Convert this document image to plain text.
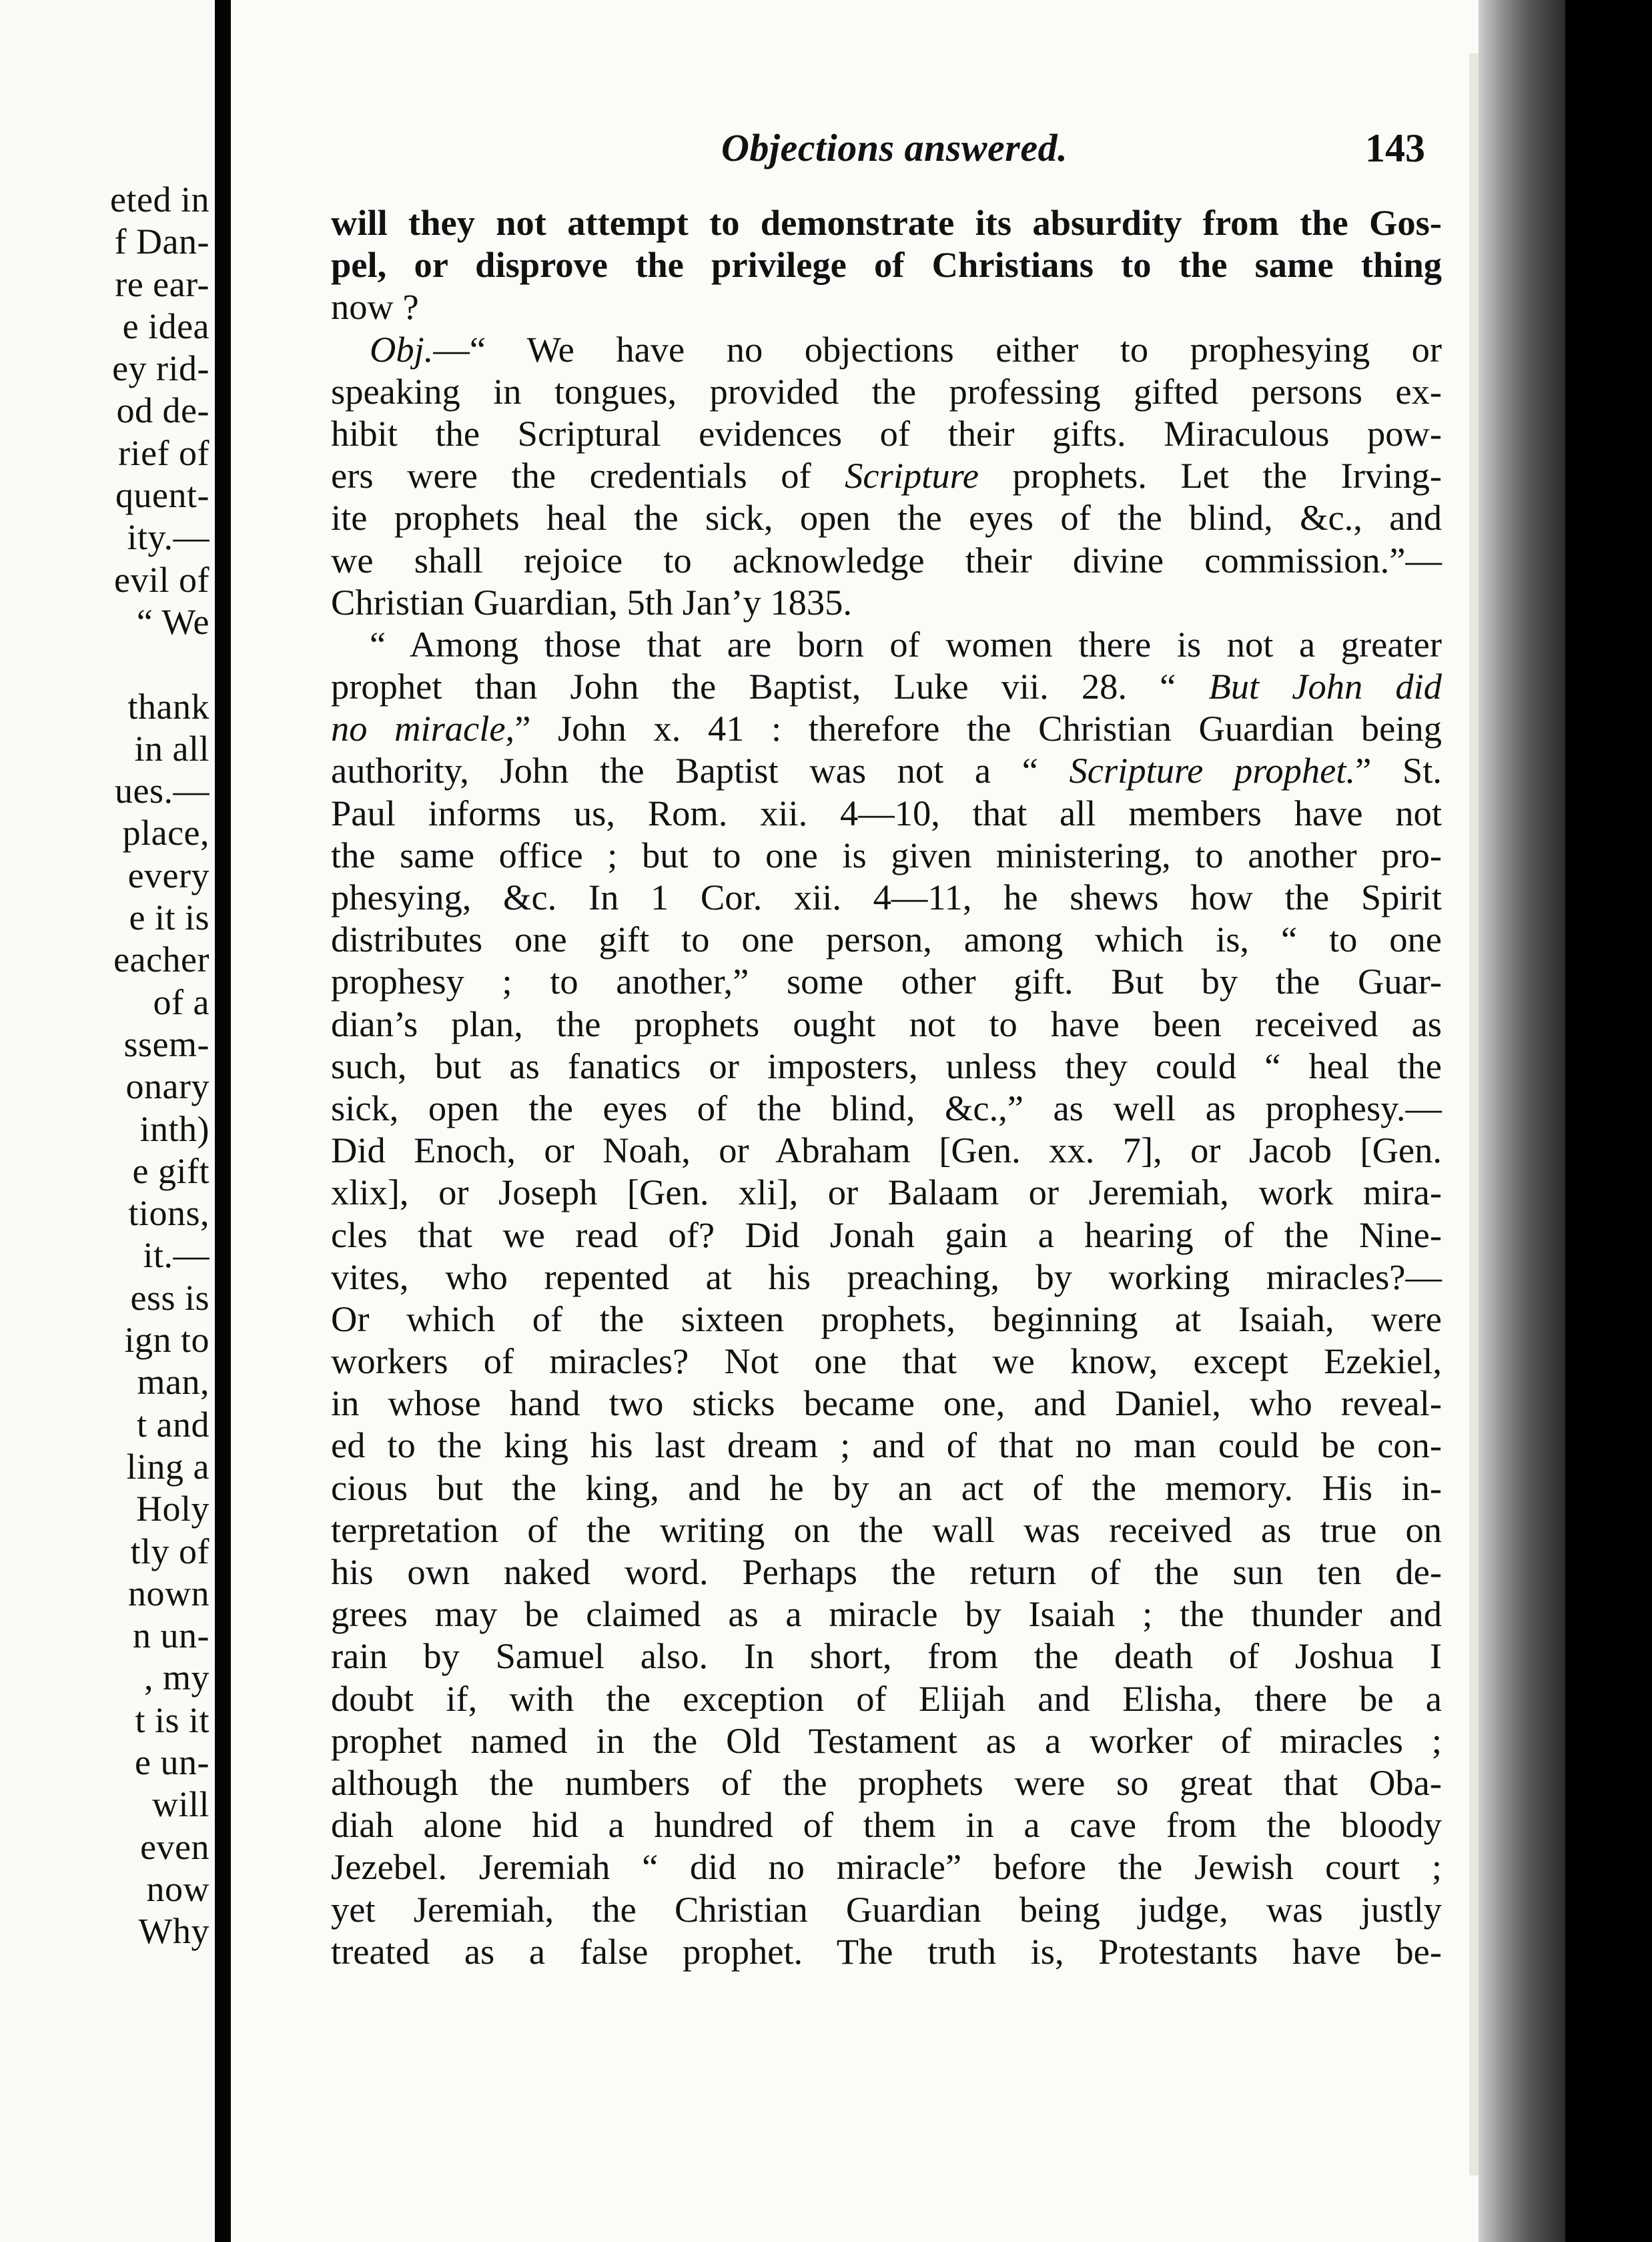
eted in
f Dan-
re ear-
e idea
ey rid-
od de-
rief of
quent-
ity.—
evil of
“ We

thank
in all
ues.—
place,
every
e it is
eacher
of a
ssem-
onary
inth)
e gift
tions,
it.—
ess is
ign to
man,
t and
ling a
Holy
tly of
nown
n un-
, my
t is it
e un-
will
even
now
Why
Objections answered.	143
will they not attempt to demonstrate its absurdity from the Gos-
pel, or disprove the privilege of Christians to the same thing
now ?
Obj.—“ We have no objections either to prophesying or
speaking in tongues, provided the professing gifted persons ex-
hibit the Scriptural evidences of their gifts. Miraculous pow-
ers were the credentials of Scripture prophets. Let the Irving-
ite prophets heal the sick, open the eyes of the blind, &c., and
we shall rejoice to acknowledge their divine commission.”—
Christian Guardian, 5th Jan’y 1835.
“ Among those that are born of women there is not a greater
prophet than John the Baptist, Luke vii. 28. “ But John did
no miracle,” John x. 41 : therefore the Christian Guardian being
authority, John the Baptist was not a “ Scripture prophet.” St.
Paul informs us, Rom. xii. 4—10, that all members have not
the same office ; but to one is given ministering, to another pro-
phesying, &c. In 1 Cor. xii. 4—11, he shews how the Spirit
distributes one gift to one person, among which is, “ to one
prophesy ; to another,” some other gift. But by the Guar-
dian’s plan, the prophets ought not to have been received as
such, but as fanatics or imposters, unless they could “ heal the
sick, open the eyes of the blind, &c.,” as well as prophesy.—
Did Enoch, or Noah, or Abraham [Gen. xx. 7], or Jacob [Gen.
xlix], or Joseph [Gen. xli], or Balaam or Jeremiah, work mira-
cles that we read of? Did Jonah gain a hearing of the Nine-
vites, who repented at his preaching, by working miracles?—
Or which of the sixteen prophets, beginning at Isaiah, were
workers of miracles? Not one that we know, except Ezekiel,
in whose hand two sticks became one, and Daniel, who reveal-
ed to the king his last dream ; and of that no man could be con-
cious but the king, and he by an act of the memory. His in-
terpretation of the writing on the wall was received as true on
his own naked word. Perhaps the return of the sun ten de-
grees may be claimed as a miracle by Isaiah ; the thunder and
rain by Samuel also. In short, from the death of Joshua I
doubt if, with the exception of Elijah and Elisha, there be a
prophet named in the Old Testament as a worker of miracles ;
although the numbers of the prophets were so great that Oba-
diah alone hid a hundred of them in a cave from the bloody
Jezebel. Jeremiah “ did no miracle” before the Jewish court ;
yet Jeremiah, the Christian Guardian being judge, was justly
treated as a false prophet. The truth is, Protestants have be-
